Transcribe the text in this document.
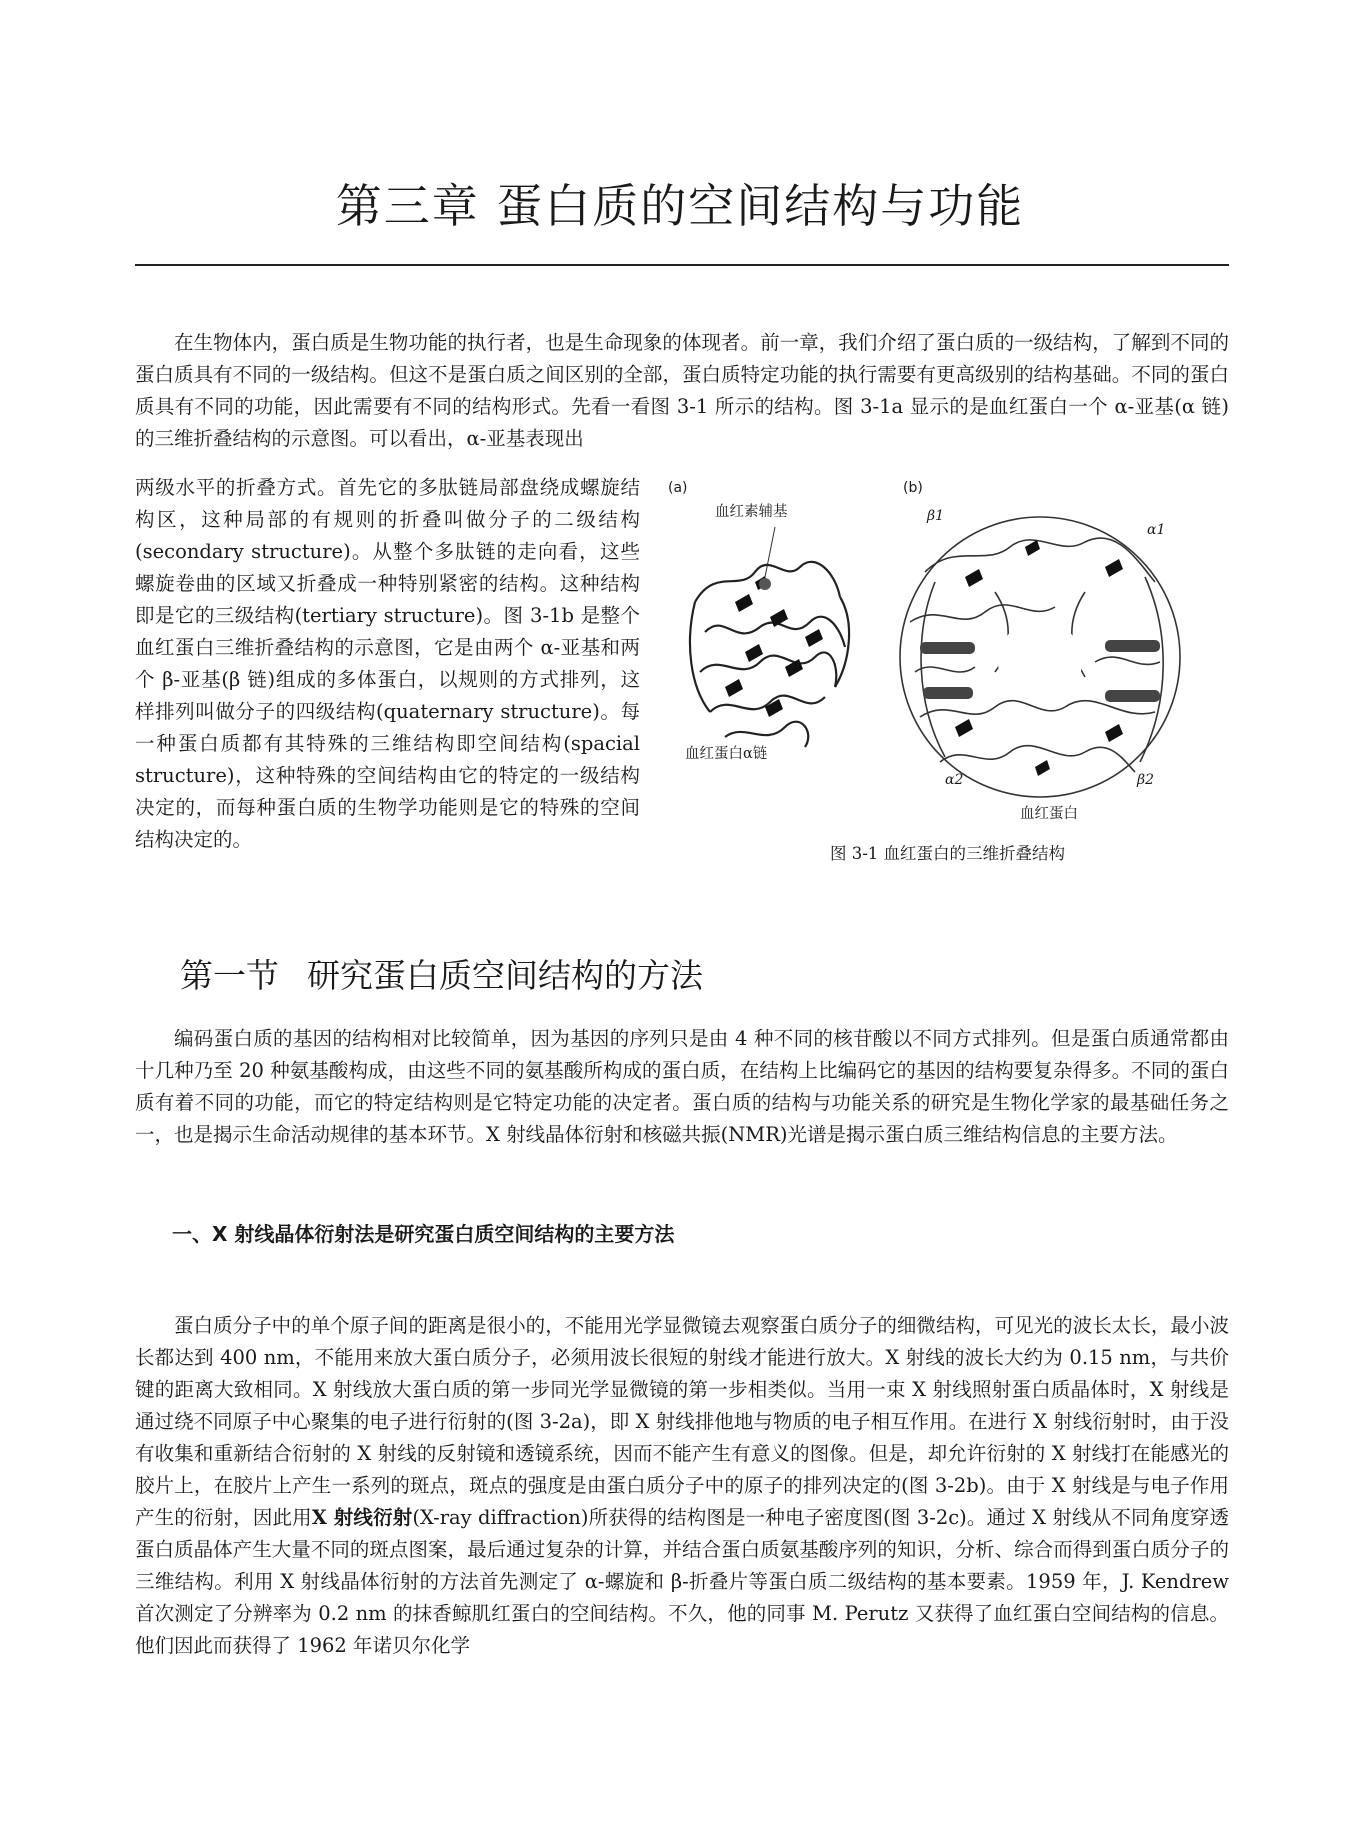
第三章 蛋白质的空间结构与功能

在生物体内，蛋白质是生物功能的执行者，也是生命现象的体现者。前一章，我们介绍了蛋白质的一级结构，了解到不同的蛋白质具有不同的一级结构。但这不是蛋白质之间区别的全部，蛋白质特定功能的执行需要有更高级别的结构基础。不同的蛋白质具有不同的功能，因此需要有不同的结构形式。先看一看图 3-1 所示的结构。图 3-1a 显示的是血红蛋白一个 α-亚基(α 链)的三维折叠结构的示意图。可以看出，α-亚基表现出

两级水平的折叠方式。首先它的多肽链局部盘绕成螺旋结构区，这种局部的有规则的折叠叫做分子的二级结构(secondary structure)。从整个多肽链的走向看，这些螺旋卷曲的区域又折叠成一种特别紧密的结构。这种结构即是它的三级结构(tertiary structure)。图 3-1b 是整个血红蛋白三维折叠结构的示意图，它是由两个 α-亚基和两个 β-亚基(β 链)组成的多体蛋白，以规则的方式排列，这样排列叫做分子的四级结构(quaternary structure)。每一种蛋白质都有其特殊的三维结构即空间结构(spacial structure)，这种特殊的空间结构由它的特定的一级结构决定的，而每种蛋白质的生物学功能则是它的特殊的空间结构决定的。

(a)	(b)
血红素辅基
血红蛋白α链
血红蛋白
β1
α1
α2	β2

图 3-1 血红蛋白的三维折叠结构

第一节 研究蛋白质空间结构的方法

编码蛋白质的基因的结构相对比较简单，因为基因的序列只是由 4 种不同的核苷酸以不同方式排列。但是蛋白质通常都由十几种乃至 20 种氨基酸构成，由这些不同的氨基酸所构成的蛋白质，在结构上比编码它的基因的结构要复杂得多。不同的蛋白质有着不同的功能，而它的特定结构则是它特定功能的决定者。蛋白质的结构与功能关系的研究是生物化学家的最基础任务之一，也是揭示生命活动规律的基本环节。X 射线晶体衍射和核磁共振(NMR)光谱是揭示蛋白质三维结构信息的主要方法。

一、X 射线晶体衍射法是研究蛋白质空间结构的主要方法

蛋白质分子中的单个原子间的距离是很小的，不能用光学显微镜去观察蛋白质分子的细微结构，可见光的波长太长，最小波长都达到 400 nm，不能用来放大蛋白质分子，必须用波长很短的射线才能进行放大。X 射线的波长大约为 0.15 nm，与共价键的距离大致相同。X 射线放大蛋白质的第一步同光学显微镜的第一步相类似。当用一束 X 射线照射蛋白质晶体时，X 射线是通过绕不同原子中心聚集的电子进行衍射的(图 3-2a)，即 X 射线排他地与物质的电子相互作用。在进行 X 射线衍射时，由于没有收集和重新结合衍射的 X 射线的反射镜和透镜系统，因而不能产生有意义的图像。但是，却允许衍射的 X 射线打在能感光的胶片上，在胶片上产生一系列的斑点，斑点的强度是由蛋白质分子中的原子的排列决定的(图 3-2b)。由于 X 射线是与电子作用产生的衍射，因此用X 射线衍射(X-ray diffraction)所获得的结构图是一种电子密度图(图 3-2c)。通过 X 射线从不同角度穿透蛋白质晶体产生大量不同的斑点图案，最后通过复杂的计算，并结合蛋白质氨基酸序列的知识，分析、综合而得到蛋白质分子的三维结构。利用 X 射线晶体衍射的方法首先测定了 α-螺旋和 β-折叠片等蛋白质二级结构的基本要素。1959 年，J. Kendrew 首次测定了分辨率为 0.2 nm 的抹香鲸肌红蛋白的空间结构。不久，他的同事 M. Perutz 又获得了血红蛋白空间结构的信息。他们因此而获得了 1962 年诺贝尔化学
